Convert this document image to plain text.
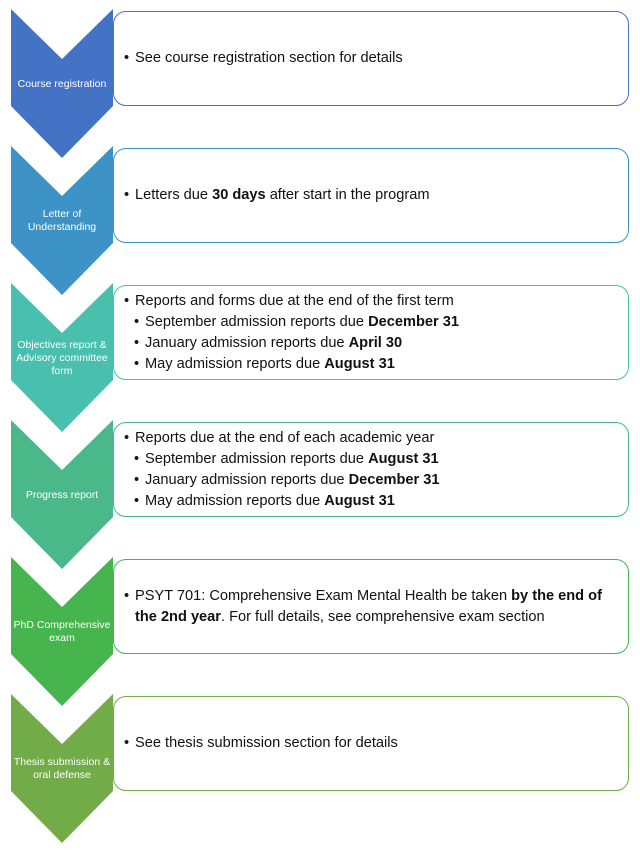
Course registration
• See course registration section for details
Letter of
Understanding
• Letters due 30 days after start in the program
Objectives report &
Advisory committee
form
• Reports and forms due at the end of the first term
• September admission reports due December 31
• January admission reports due April 30
• May admission reports due August 31
Progress report
• Reports due at the end of each academic year
• September admission reports due August 31
• January admission reports due December 31
• May admission reports due August 31
PhD Comprehensive
exam
• PSYT 701: Comprehensive Exam Mental Health be taken by the end of the 2nd year. For full details, see comprehensive exam section
Thesis submission &
oral defense
• See thesis submission section for details
